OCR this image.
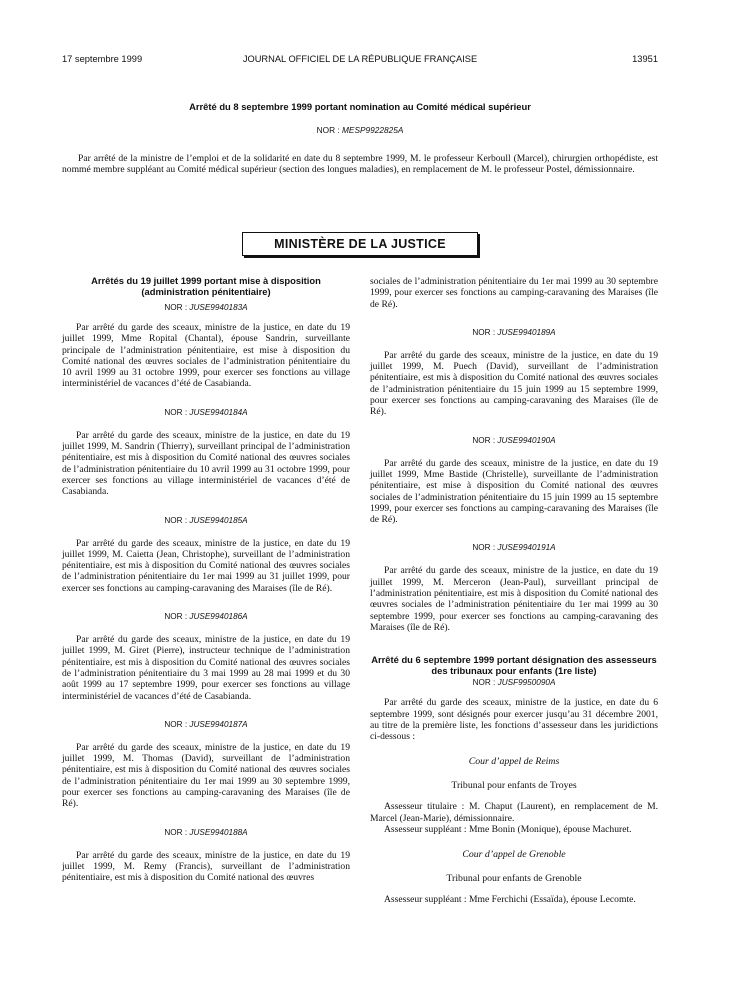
17 septembre 1999	JOURNAL OFFICIEL DE LA RÉPUBLIQUE FRANÇAISE	13951
Arrêté du 8 septembre 1999 portant nomination au Comité médical supérieur
NOR : MESP9922825A

Par arrêté de la ministre de l’emploi et de la solidarité en date du 8 septembre 1999, M. le professeur Kerboull (Marcel), chirurgien orthopédiste, est nommé membre suppléant au Comité médical supérieur (section des longues maladies), en remplacement de M. le professeur Postel, démissionnaire.

MINISTÈRE DE LA JUSTICE
Arrêtés du 19 juillet 1999 portant mise à disposition (administration pénitentiaire)
NOR : JUSE9940183A

Par arrêté du garde des sceaux, ministre de la justice, en date du 19 juillet 1999, Mme Ropital (Chantal), épouse Sandrin, surveillante principale de l’administration pénitentiaire, est mise à disposition du Comité national des œuvres sociales de l’administration pénitentiaire du 10 avril 1999 au 31 octobre 1999, pour exercer ses fonctions au village interministériel de vacances d’été de Casabianda.

NOR : JUSE9940184A

Par arrêté du garde des sceaux, ministre de la justice, en date du 19 juillet 1999, M. Sandrin (Thierry), surveillant principal de l’administration pénitentiaire, est mis à disposition du Comité national des œuvres sociales de l’administration pénitentiaire du 10 avril 1999 au 31 octobre 1999, pour exercer ses fonctions au village interministériel de vacances d’été de Casabianda.

NOR : JUSE9940185A

Par arrêté du garde des sceaux, ministre de la justice, en date du 19 juillet 1999, M. Caietta (Jean, Christophe), surveillant de l’administration pénitentiaire, est mis à disposition du Comité national des œuvres sociales de l’administration pénitentiaire du 1er mai 1999 au 31 juillet 1999, pour exercer ses fonctions au camping-caravaning des Maraises (île de Ré).

NOR : JUSE9940186A

Par arrêté du garde des sceaux, ministre de la justice, en date du 19 juillet 1999, M. Giret (Pierre), instructeur technique de l’administration pénitentiaire, est mis à disposition du Comité national des œuvres sociales de l’administration pénitentiaire du 3 mai 1999 au 28 mai 1999 et du 30 août 1999 au 17 septembre 1999, pour exercer ses fonctions au village interministériel de vacances d’été de Casabianda.

NOR : JUSE9940187A

Par arrêté du garde des sceaux, ministre de la justice, en date du 19 juillet 1999, M. Thomas (David), surveillant de l’administration pénitentiaire, est mis à disposition du Comité national des œuvres sociales de l’administration pénitentiaire du 1er mai 1999 au 30 septembre 1999, pour exercer ses fonctions au camping-caravaning des Maraises (île de Ré).

NOR : JUSE9940188A

Par arrêté du garde des sceaux, ministre de la justice, en date du 19 juillet 1999, M. Remy (Francis), surveillant de l’administration pénitentiaire, est mis à disposition du Comité national des œuvres

sociales de l’administration pénitentiaire du 1er mai 1999 au 30 septembre 1999, pour exercer ses fonctions au camping-caravaning des Maraises (île de Ré).

NOR : JUSE9940189A

Par arrêté du garde des sceaux, ministre de la justice, en date du 19 juillet 1999, M. Puech (David), surveillant de l’administration pénitentiaire, est mis à disposition du Comité national des œuvres sociales de l’administration pénitentiaire du 15 juin 1999 au 15 septembre 1999, pour exercer ses fonctions au camping-caravaning des Maraises (île de Ré).

NOR : JUSE9940190A

Par arrêté du garde des sceaux, ministre de la justice, en date du 19 juillet 1999, Mme Bastide (Christelle), surveillante de l’administration pénitentiaire, est mise à disposition du Comité national des œuvres sociales de l’administration pénitentiaire du 15 juin 1999 au 15 septembre 1999, pour exercer ses fonctions au camping-caravaning des Maraises (île de Ré).

NOR : JUSE9940191A

Par arrêté du garde des sceaux, ministre de la justice, en date du 19 juillet 1999, M. Merceron (Jean-Paul), surveillant principal de l’administration pénitentiaire, est mis à disposition du Comité national des œuvres sociales de l’administration pénitentiaire du 1er mai 1999 au 30 septembre 1999, pour exercer ses fonctions au camping-caravaning des Maraises (île de Ré).

Arrêté du 6 septembre 1999 portant désignation des assesseurs des tribunaux pour enfants (1re liste)
NOR : JUSF9950090A

Par arrêté du garde des sceaux, ministre de la justice, en date du 6 septembre 1999, sont désignés pour exercer jusqu’au 31 décembre 2001, au titre de la première liste, les fonctions d’assesseur dans les juridictions ci-dessous :

Cour d’appel de Reims
Tribunal pour enfants de Troyes

Assesseur titulaire : M. Chaput (Laurent), en remplacement de M. Marcel (Jean-Marie), démissionnaire.

Assesseur suppléant : Mme Bonin (Monique), épouse Machuret.

Cour d’appel de Grenoble
Tribunal pour enfants de Grenoble

Assesseur suppléant : Mme Ferchichi (Essaïda), épouse Lecomte.
